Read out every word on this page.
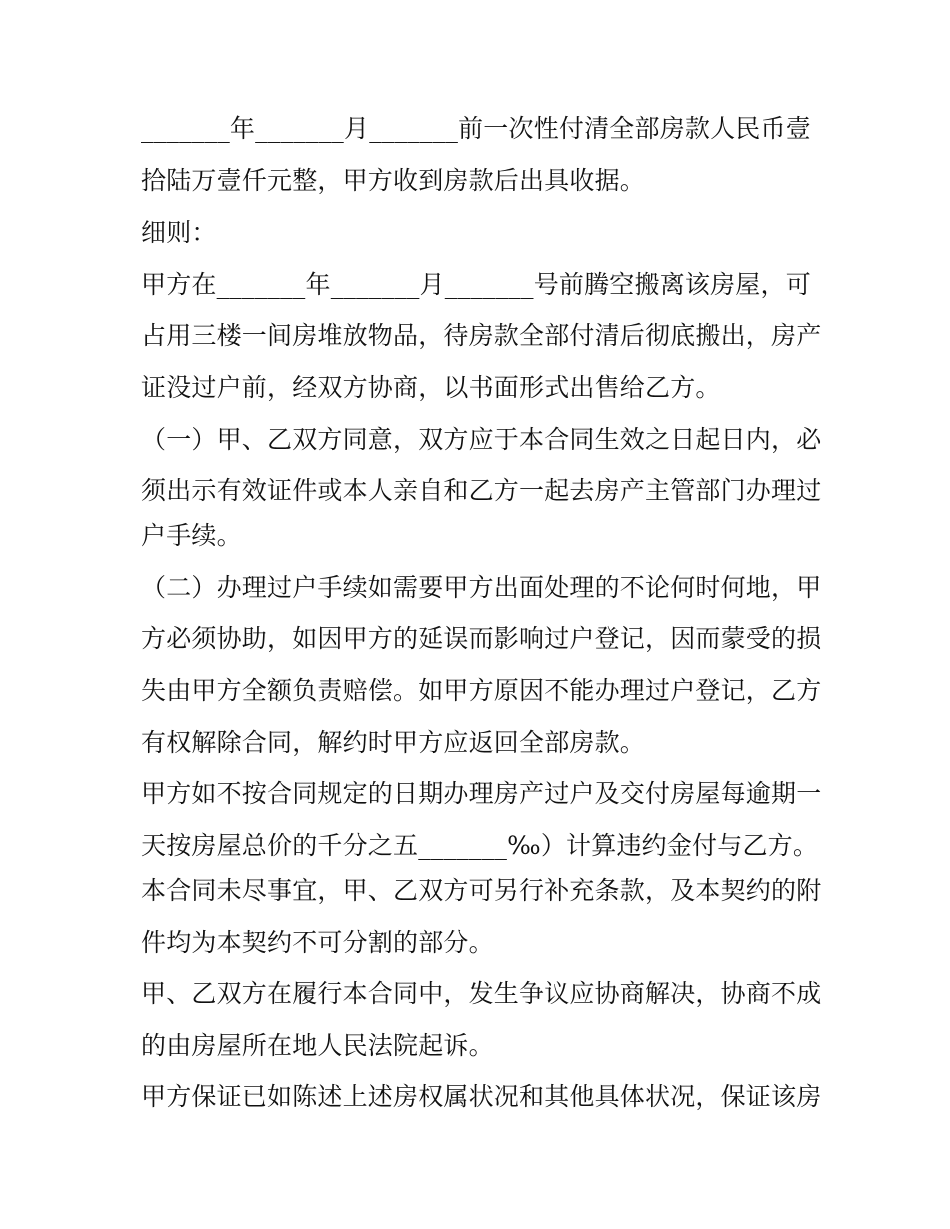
_______年_______月_______前一次性付清全部房款人民币壹
拾陆万壹仟元整，甲方收到房款后出具收据。
细则：
甲方在_______年_______月_______号前腾空搬离该房屋，可
占用三楼一间房堆放物品，待房款全部付清后彻底搬出，房产
证没过户前，经双方协商，以书面形式出售给乙方。
（一）甲、乙双方同意，双方应于本合同生效之日起日内，必
须出示有效证件或本人亲自和乙方一起去房产主管部门办理过
户手续。
（二）办理过户手续如需要甲方出面处理的不论何时何地，甲
方必须协助，如因甲方的延误而影响过户登记，因而蒙受的损
失由甲方全额负责赔偿。如甲方原因不能办理过户登记，乙方
有权解除合同，解约时甲方应返回全部房款。
甲方如不按合同规定的日期办理房产过户及交付房屋每逾期一
天按房屋总价的千分之五_______‰）计算违约金付与乙方。
本合同未尽事宜，甲、乙双方可另行补充条款，及本契约的附
件均为本契约不可分割的部分。
甲、乙双方在履行本合同中，发生争议应协商解决，协商不成
的由房屋所在地人民法院起诉。
甲方保证已如陈述上述房权属状况和其他具体状况，保证该房
